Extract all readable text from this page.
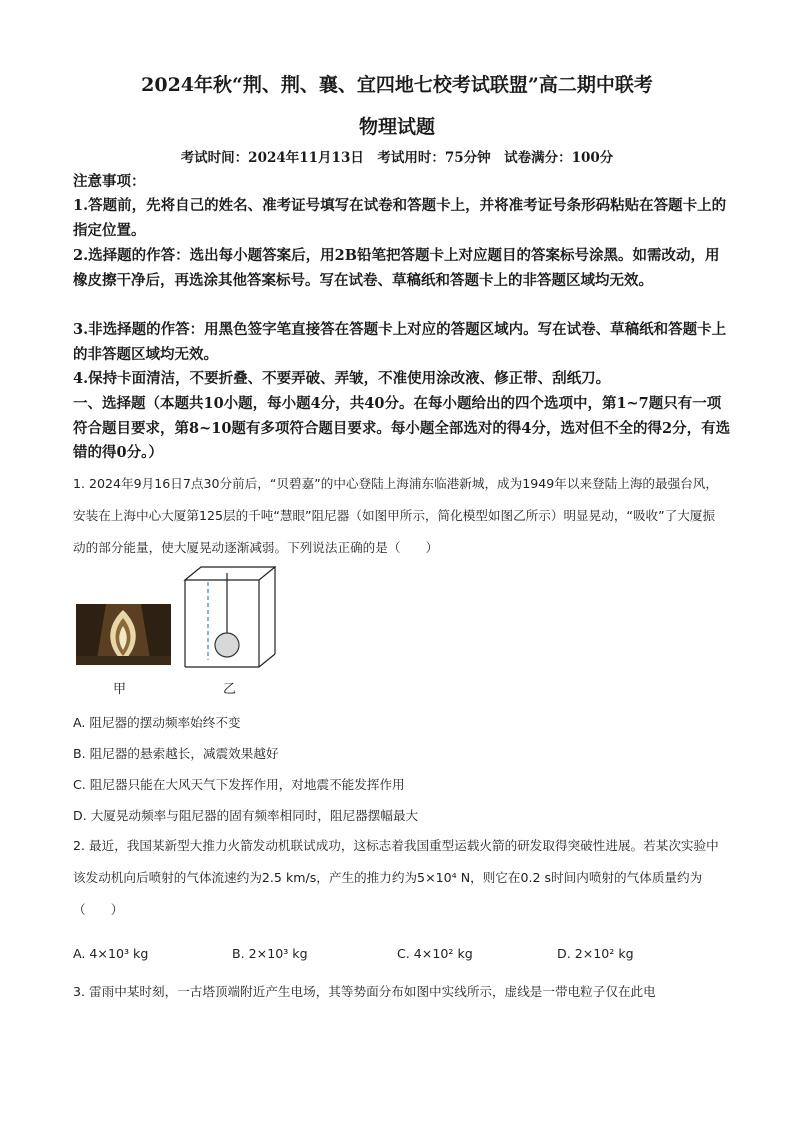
2024年秋“荆、荆、襄、宜四地七校考试联盟”高二期中联考
物理试题
考试时间：2024年11月13日　考试用时：75分钟　试卷满分：100分
注意事项：
1.答题前，先将自己的姓名、准考证号填写在试卷和答题卡上，并将准考证号条形码粘贴在答题卡上的指定位置。
2.选择题的作答：选出每小题答案后，用2B铅笔把答题卡上对应题目的答案标号涂黑。如需改动，用橡皮擦干净后，再选涂其他答案标号。写在试卷、草稿纸和答题卡上的非答题区域均无效。
3.非选择题的作答：用黑色签字笔直接答在答题卡上对应的答题区域内。写在试卷、草稿纸和答题卡上的非答题区域均无效。
4.保持卡面清洁，不要折叠、不要弄破、弄皱，不准使用涂改液、修正带、刮纸刀。
一、选择题（本题共10小题，每小题4分，共40分。在每小题给出的四个选项中，第1~7题只有一项符合题目要求，第8~10题有多项符合题目要求。每小题全部选对的得4分，选对但不全的得2分，有选错的得0分。）
1. 2024年9月16日7点30分前后，“贝碧嘉”的中心登陆上海浦东临港新城，成为1949年以来登陆上海的最强台风，安装在上海中心大厦第125层的千吨“慧眼”阻尼器（如图甲所示，简化模型如图乙所示）明显晃动，“吸收”了大厦振动的部分能量，使大厦晃动逐渐减弱。下列说法正确的是（　　）
甲	乙
A. 阻尼器的摆动频率始终不变
B. 阻尼器的悬索越长，减震效果越好
C. 阻尼器只能在大风天气下发挥作用，对地震不能发挥作用
D. 大厦晃动频率与阻尼器的固有频率相同时，阻尼器摆幅最大
2. 最近，我国某新型大推力火箭发动机联试成功，这标志着我国重型运载火箭的研发取得突破性进展。若某次实验中该发动机向后喷射的气体流速约为2.5 km/s，产生的推力约为5×10⁴ N，则它在0.2 s时间内喷射的气体质量约为（　　）
A. 4×10³ kg	B. 2×10³ kg	C. 4×10² kg	D. 2×10² kg
3. 雷雨中某时刻，一古塔顶端附近产生电场，其等势面分布如图中实线所示，虚线是一带电粒子仅在此电
